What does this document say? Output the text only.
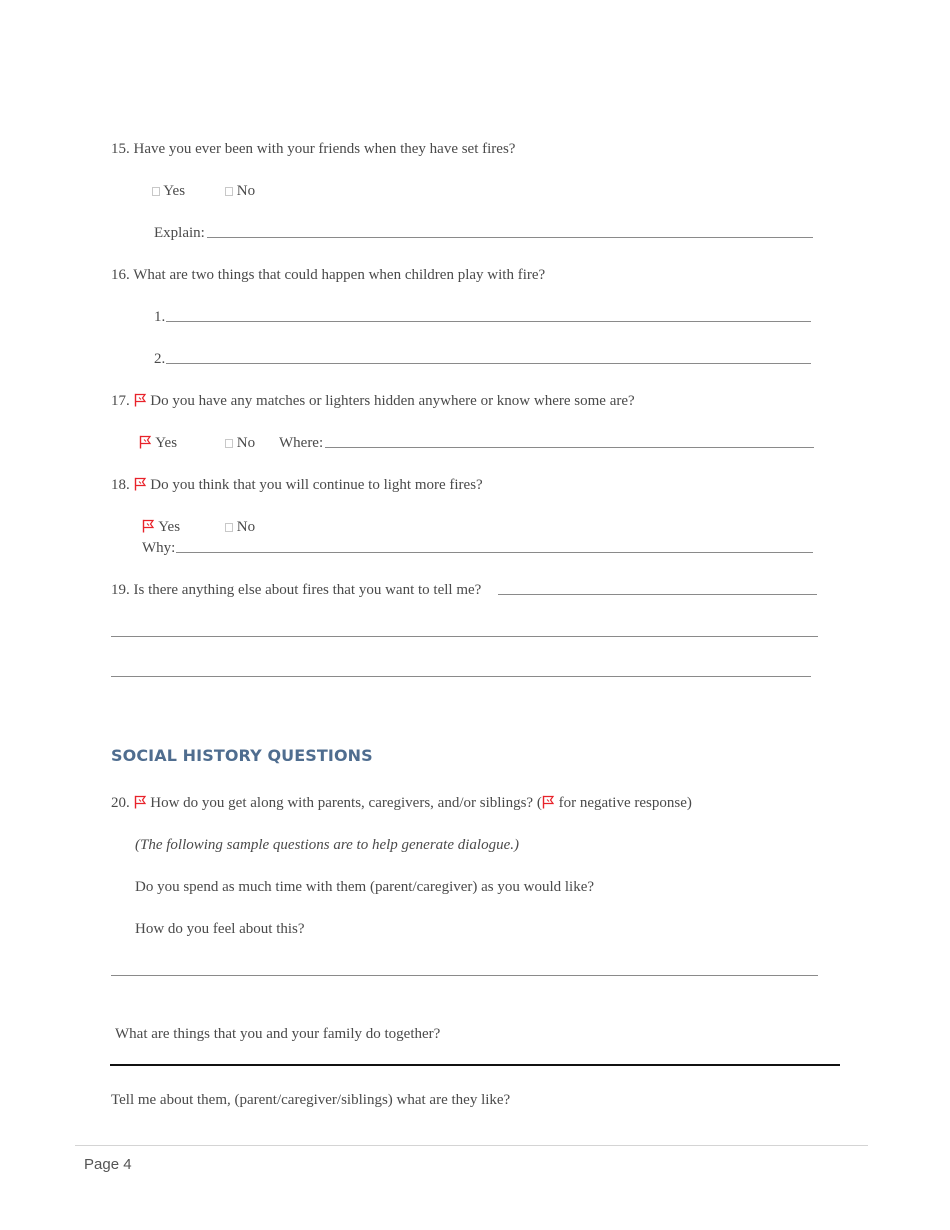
15. Have you ever been with your friends when they have set fires?
Yes	No
Explain:
16. What are two things that could happen when children play with fire?
1.
2.
17. Do you have any matches or lighters hidden anywhere or know where some are?
Yes	No Where:
18. Do you think that you will continue to light more fires?
Yes	No
Why:
19. Is there anything else about fires that you want to tell me?
SOCIAL HISTORY QUESTIONS
20. How do you get along with parents, caregivers, and/or siblings? ( for negative response)
(The following sample questions are to help generate dialogue.)
Do you spend as much time with them (parent/caregiver) as you would like?
How do you feel about this?
What are things that you and your family do together?
Tell me about them, (parent/caregiver/siblings) what are they like?
Page 4
